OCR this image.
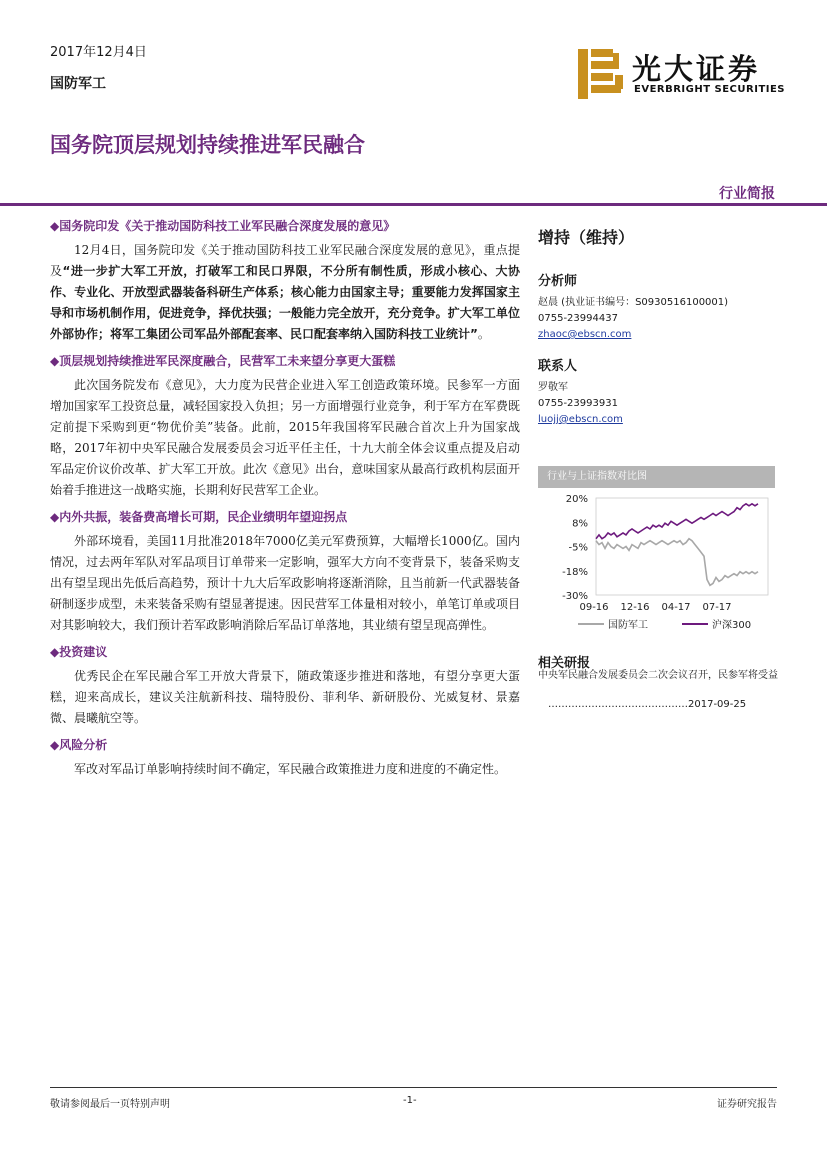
2017年12月4日
国防军工	光大证券
EVERBRIGHT SECURITIES
国务院顶层规划持续推进军民融合
行业简报
◆国务院印发《关于推动国防科技工业军民融合深度发展的意见》
12月4日，国务院印发《关于推动国防科技工业军民融合深度发展的意见》，重点提及“进一步扩大军工开放，打破军工和民口界限，不分所有制性质，形成小核心、大协作、专业化、开放型武器装备科研生产体系；核心能力由国家主导；重要能力发挥国家主导和市场机制作用，促进竞争，择优扶强；一般能力完全放开，充分竞争。扩大军工单位外部协作；将军工集团公司军品外部配套率、民口配套率纳入国防科技工业统计”。
◆顶层规划持续推进军民深度融合，民营军工未来望分享更大蛋糕
此次国务院发布《意见》，大力度为民营企业进入军工创造政策环境。民参军一方面增加国家军工投资总量，减轻国家投入负担；另一方面增强行业竞争，利于军方在军费既定前提下采购到更“物优价美”装备。此前，2015年我国将军民融合首次上升为国家战略，2017年初中央军民融合发展委员会习近平任主任，十九大前全体会议重点提及启动军品定价议价改革、扩大军工开放。此次《意见》出台，意味国家从最高行政机构层面开始着手推进这一战略实施，长期利好民营军工企业。
◆内外共振，装备费高增长可期，民企业绩明年望迎拐点
外部环境看，美国11月批准2018年7000亿美元军费预算，大幅增长1000亿。国内情况，过去两年军队对军品项目订单带来一定影响，强军大方向不变背景下，装备采购支出有望呈现出先低后高趋势，预计十九大后军政影响将逐渐消除，且当前新一代武器装备研制逐步成型，未来装备采购有望显著提速。因民营军工体量相对较小，单笔订单或项目对其影响较大，我们预计若军政影响消除后军品订单落地，其业绩有望呈现高弹性。
◆投资建议
优秀民企在军民融合军工开放大背景下，随政策逐步推进和落地，有望分享更大蛋糕，迎来高成长，建议关注航新科技、瑞特股份、菲利华、新研股份、光威复材、景嘉微、晨曦航空等。
◆风险分析
军改对军品订单影响持续时间不确定，军民融合政策推进力度和进度的不确定性。
增持（维持）
分析师
赵晨 (执业证书编号：S0930516100001)
0755-23994437
zhaoc@ebscn.com
联系人
罗敬军
0755-23993931
luojj@ebscn.com
行业与上证指数对比图
20%
8%
-5%
-18%
-30%
09-16 12-16 04-17 07-17
国防军工	沪深300
相关研报
中央军民融合发展委员会二次会议召开，民参军将受益
……………………………………2017-09-25
敬请参阅最后一页特别声明	-1-	证券研究报告
